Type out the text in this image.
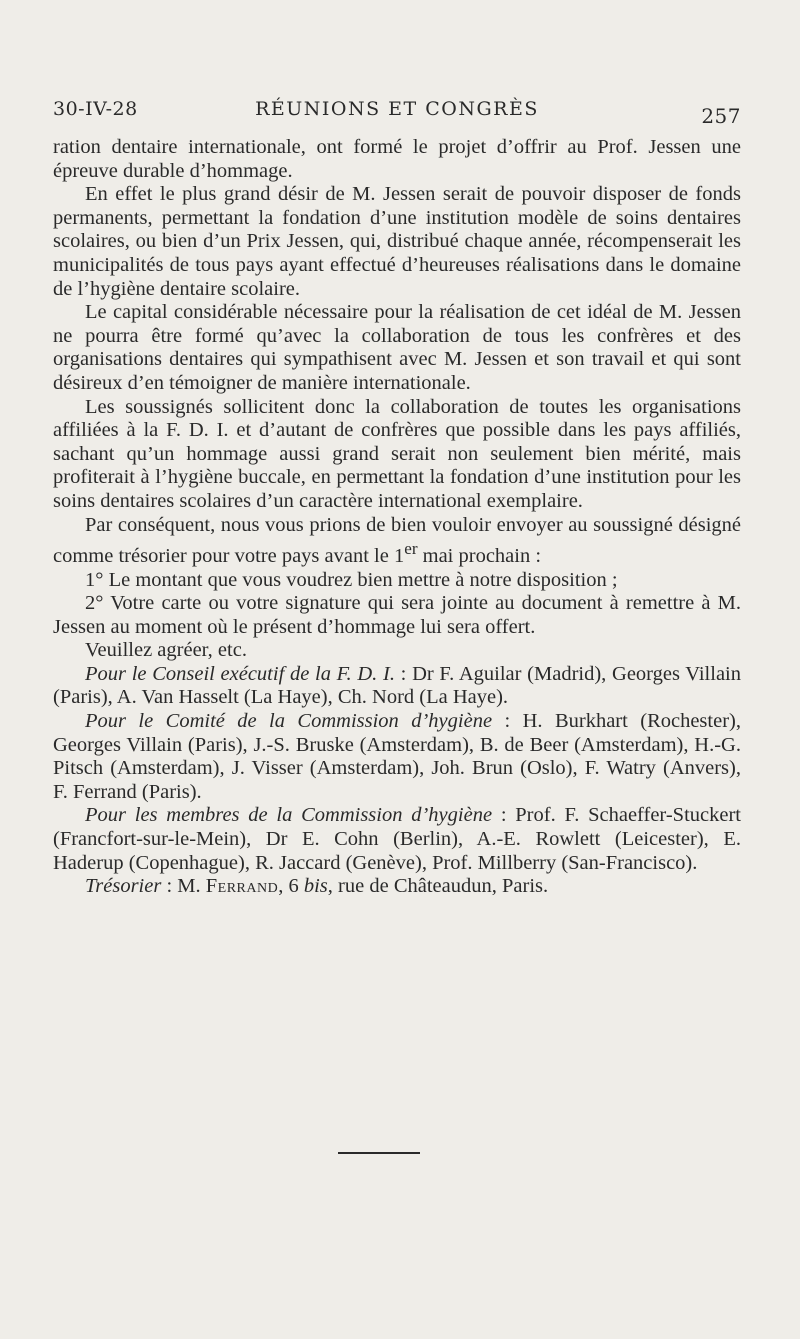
30-IV-28	RÉUNIONS ET CONGRÈS	257

ration dentaire internationale, ont formé le projet d’offrir au Prof. Jessen une épreuve durable d’hommage.

En effet le plus grand désir de M. Jessen serait de pouvoir disposer de fonds permanents, permettant la fondation d’une institution modèle de soins dentaires scolaires, ou bien d’un Prix Jessen, qui, distribué chaque année, récompenserait les municipalités de tous pays ayant effectué d’heureuses réalisations dans le domaine de l’hygiène dentaire scolaire.

Le capital considérable nécessaire pour la réalisation de cet idéal de M. Jessen ne pourra être formé qu’avec la collaboration de tous les confrères et des organisations dentaires qui sympathisent avec M. Jessen et son travail et qui sont désireux d’en témoigner de manière internationale.

Les soussignés sollicitent donc la collaboration de toutes les organisations affiliées à la F. D. I. et d’autant de confrères que possible dans les pays affiliés, sachant qu’un hommage aussi grand serait non seulement bien mérité, mais profiterait à l’hygiène buccale, en permettant la fondation d’une institution pour les soins dentaires scolaires d’un caractère international exemplaire.

Par conséquent, nous vous prions de bien vouloir envoyer au soussigné désigné comme trésorier pour votre pays avant le 1er mai prochain :

1° Le montant que vous voudrez bien mettre à notre disposition ;

2° Votre carte ou votre signature qui sera jointe au document à remettre à M. Jessen au moment où le présent d’hommage lui sera offert.

Veuillez agréer, etc.

Pour le Conseil exécutif de la F. D. I. : Dr F. Aguilar (Madrid), Georges Villain (Paris), A. Van Hasselt (La Haye), Ch. Nord (La Haye).

Pour le Comité de la Commission d’hygiène : H. Burkhart (Rochester), Georges Villain (Paris), J.-S. Bruske (Amsterdam), B. de Beer (Amsterdam), H.-G. Pitsch (Amsterdam), J. Visser (Amsterdam), Joh. Brun (Oslo), F. Watry (Anvers), F. Ferrand (Paris).

Pour les membres de la Commission d’hygiène : Prof. F. Schaeffer-Stuckert (Francfort-sur-le-Mein), Dr E. Cohn (Berlin), A.-E. Rowlett (Leicester), E. Haderup (Copenhague), R. Jaccard (Genève), Prof. Millberry (San-Francisco).

Trésorier : M. Ferrand, 6 bis, rue de Châteaudun, Paris.
